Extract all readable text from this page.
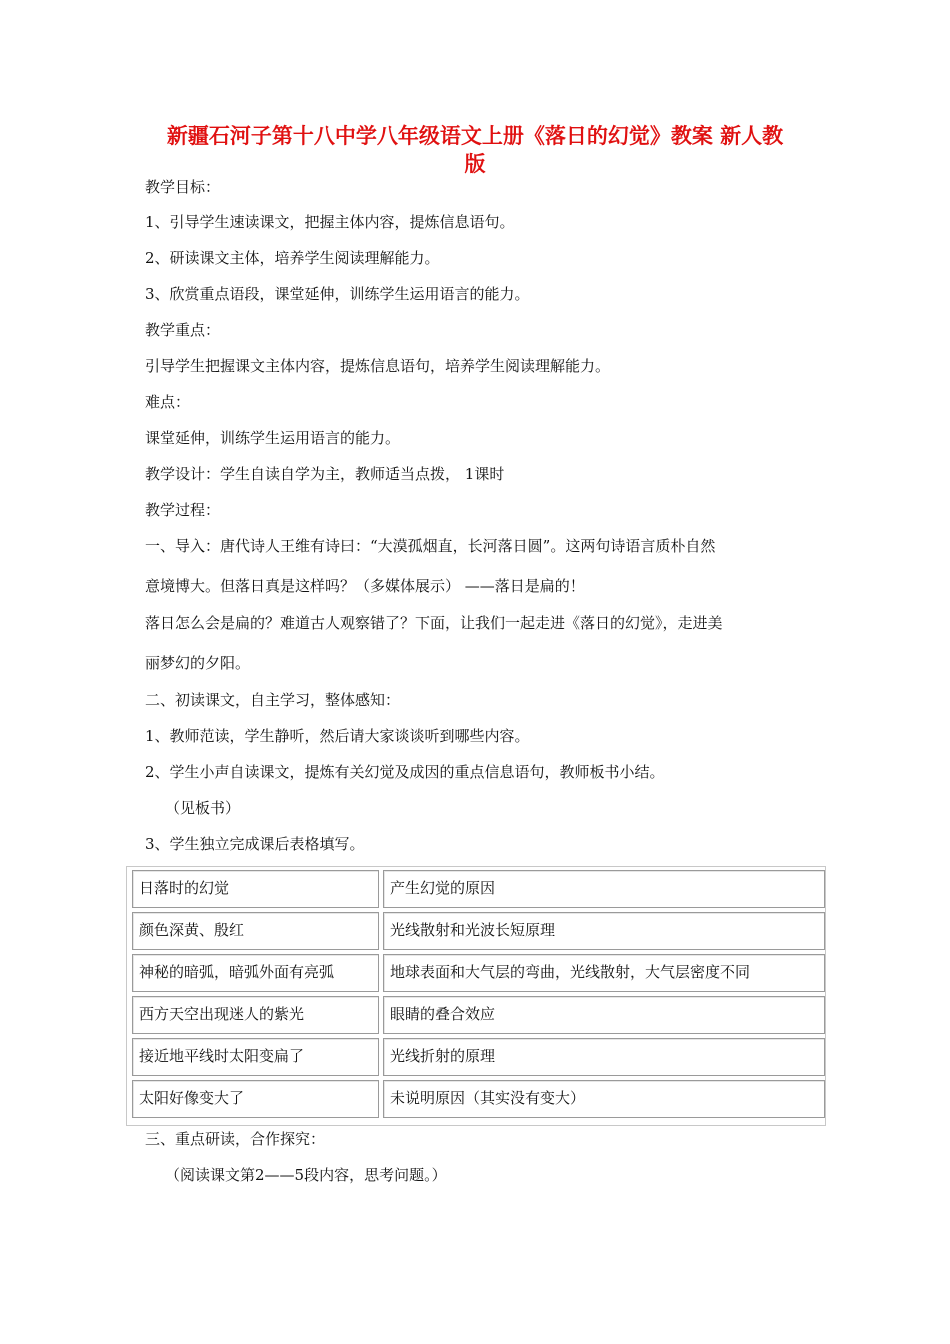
新疆石河子第十八中学八年级语文上册《落日的幻觉》教案 新人教
版
教学目标：
1、引导学生速读课文，把握主体内容，提炼信息语句。
2、研读课文主体，培养学生阅读理解能力。
3、欣赏重点语段，课堂延伸，训练学生运用语言的能力。
教学重点：
引导学生把握课文主体内容，提炼信息语句，培养学生阅读理解能力。
难点：
课堂延伸，训练学生运用语言的能力。
教学设计：学生自读自学为主，教师适当点拨， 1课时
教学过程：
一、导入：唐代诗人王维有诗曰：“大漠孤烟直，长河落日圆”。这两句诗语言质朴自然
意境博大。但落日真是这样吗？（多媒体展示） ——落日是扁的！
落日怎么会是扁的？难道古人观察错了？下面，让我们一起走进《落日的幻觉》，走进美
丽梦幻的夕阳。
二、初读课文，自主学习，整体感知：
1、教师范读，学生静听，然后请大家谈谈听到哪些内容。
2、学生小声自读课文，提炼有关幻觉及成因的重点信息语句，教师板书小结。
（见板书）
3、学生独立完成课后表格填写。
日落时的幻觉	产生幻觉的原因
颜色深黄、殷红	光线散射和光波长短原理
神秘的暗弧，暗弧外面有亮弧	地球表面和大气层的弯曲，光线散射，大气层密度不同
西方天空出现迷人的紫光	眼睛的叠合效应
接近地平线时太阳变扁了	光线折射的原理
太阳好像变大了	未说明原因（其实没有变大）
三、重点研读，合作探究：
（阅读课文第2——5段内容，思考问题。）
